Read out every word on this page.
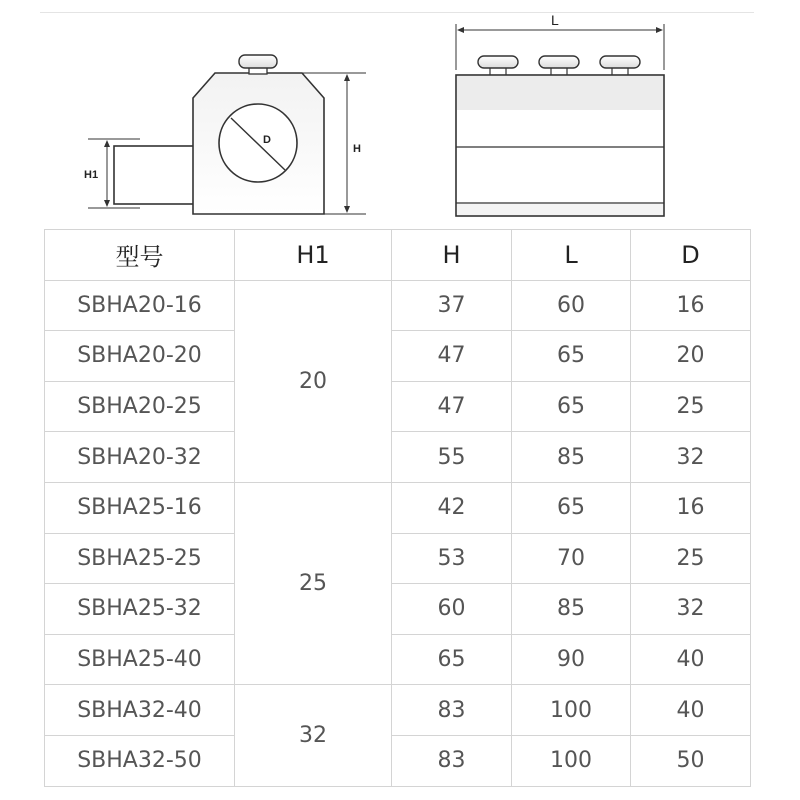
D
H1
H
L
型号	H1	H	L	D
SBHA20-16	20	37	60	16
SBHA20-20		47	65	20
SBHA20-25		47	65	25
SBHA20-32		55	85	32
SBHA25-16	25	42	65	16
SBHA25-25		53	70	25
SBHA25-32		60	85	32
SBHA25-40		65	90	40
SBHA32-40	32	83	100	40
SBHA32-50		83	100	50
